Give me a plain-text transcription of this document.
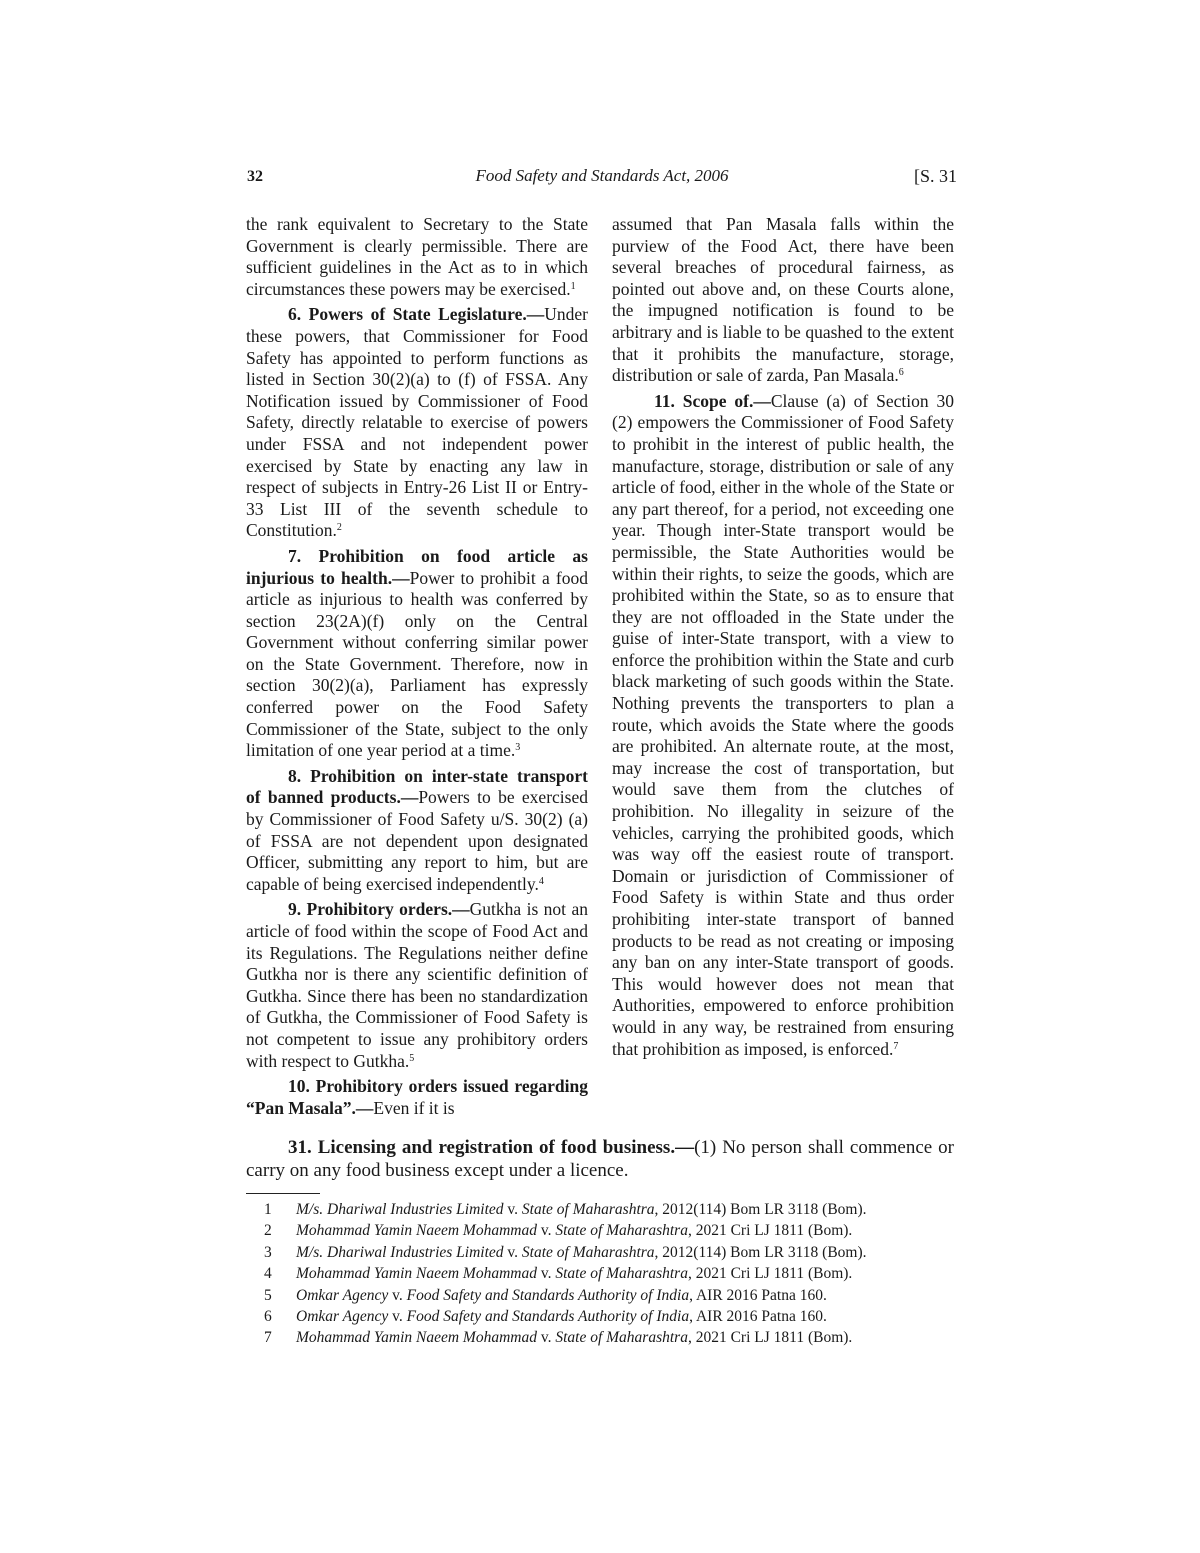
32	Food Safety and Standards Act, 2006	[S. 31

the rank equivalent to Secretary to the State Government is clearly permissible. There are sufficient guidelines in the Act as to in which circumstances these powers may be exercised.$^1$

6. Powers of State Legislature.—Under these powers, that Commissioner for Food Safety has appointed to perform functions as listed in Section 30(2)(a) to (f) of FSSA. Any Notification issued by Commissioner of Food Safety, directly relatable to exercise of powers under FSSA and not independent power exercised by State by enacting any law in respect of subjects in Entry-26 List II or Entry-33 List III of the seventh schedule to Constitution.$^2$

7. Prohibition on food article as injurious to health.—Power to prohibit a food article as injurious to health was conferred by section 23(2A)(f) only on the Central Government without conferring similar power on the State Government. Therefore, now in section 30(2)(a), Parliament has expressly conferred power on the Food Safety Commissioner of the State, subject to the only limitation of one year period at a time.$^3$

8. Prohibition on inter-state transport of banned products.—Powers to be exercised by Commissioner of Food Safety u/S. 30(2) (a) of FSSA are not dependent upon designated Officer, submitting any report to him, but are capable of being exercised independently.$^4$

9. Prohibitory orders.—Gutkha is not an article of food within the scope of Food Act and its Regulations. The Regulations neither define Gutkha nor is there any scientific definition of Gutkha. Since there has been no standardization of Gutkha, the Commissioner of Food Safety is not competent to issue any prohibitory orders with respect to Gutkha.$^5$

10. Prohibitory orders issued regarding “Pan Masala”.—Even if it is

assumed that Pan Masala falls within the purview of the Food Act, there have been several breaches of procedural fairness, as pointed out above and, on these Courts alone, the impugned notification is found to be arbitrary and is liable to be quashed to the extent that it prohibits the manufacture, storage, distribution or sale of zarda, Pan Masala.$^6$

11. Scope of.—Clause (a) of Section 30 (2) empowers the Commissioner of Food Safety to prohibit in the interest of public health, the manufacture, storage, distribution or sale of any article of food, either in the whole of the State or any part thereof, for a period, not exceeding one year. Though inter-State transport would be permissible, the State Authorities would be within their rights, to seize the goods, which are prohibited within the State, so as to ensure that they are not offloaded in the State under the guise of inter-State transport, with a view to enforce the prohibition within the State and curb black marketing of such goods within the State. Nothing prevents the transporters to plan a route, which avoids the State where the goods are prohibited. An alternate route, at the most, may increase the cost of transportation, but would save them from the clutches of prohibition. No illegality in seizure of the vehicles, carrying the prohibited goods, which was way off the easiest route of transport. Domain or jurisdiction of Commissioner of Food Safety is within State and thus order prohibiting inter-state transport of banned products to be read as not creating or imposing any ban on any inter-State transport of goods. This would however does not mean that Authorities, empowered to enforce prohibition would in any way, be restrained from ensuring that prohibition as imposed, is enforced.$^7$

31. Licensing and registration of food business.—(1) No person shall commence or carry on any food business except under a licence.

1	M/s. Dhariwal Industries Limited v. State of Maharashtra, 2012(114) Bom LR 3118 (Bom).
2	Mohammad Yamin Naeem Mohammad v. State of Maharashtra, 2021 Cri LJ 1811 (Bom).
3	M/s. Dhariwal Industries Limited v. State of Maharashtra, 2012(114) Bom LR 3118 (Bom).
4	Mohammad Yamin Naeem Mohammad v. State of Maharashtra, 2021 Cri LJ 1811 (Bom).
5	Omkar Agency v. Food Safety and Standards Authority of India, AIR 2016 Patna 160.
6	Omkar Agency v. Food Safety and Standards Authority of India, AIR 2016 Patna 160.
7	Mohammad Yamin Naeem Mohammad v. State of Maharashtra, 2021 Cri LJ 1811 (Bom).
